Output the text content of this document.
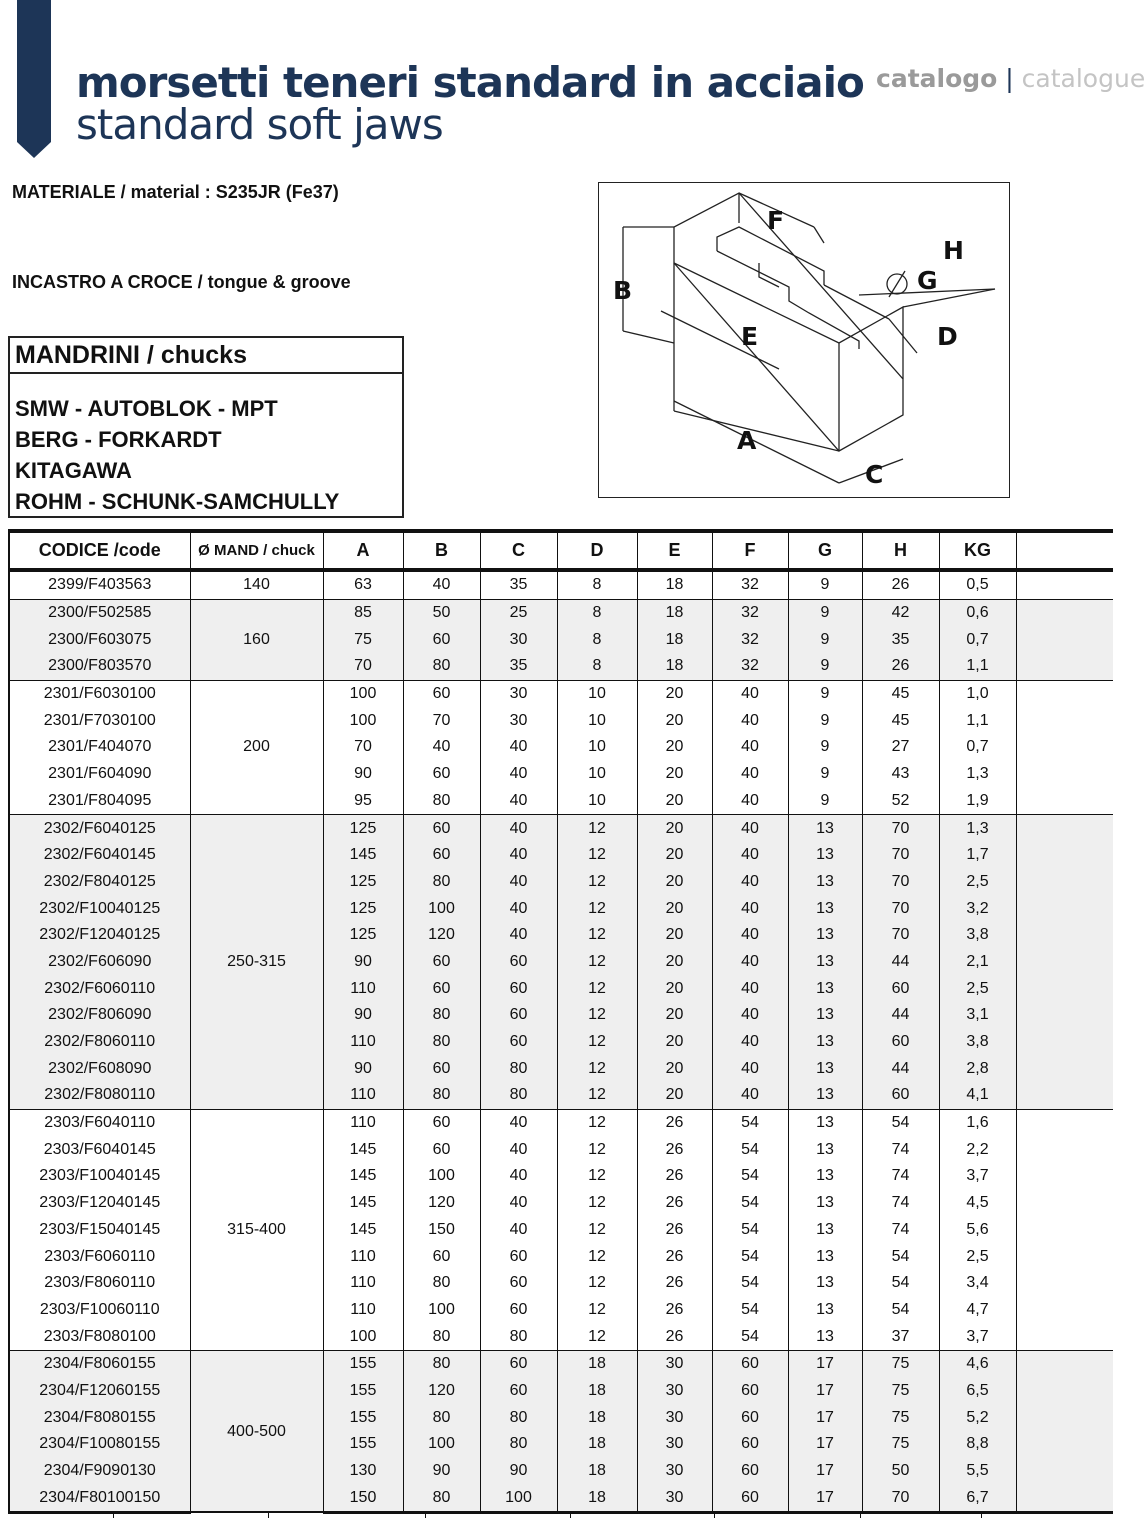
morsetti teneri standard in acciaio
standard soft jaws
catalogo | catalogue
MATERIALE / material : S235JR (Fe37)
INCASTRO A CROCE / tongue & groove
MANDRINI / chucks
SMW - AUTOBLOK - MPT
BERG - FORKARDT
KITAGAWA
ROHM - SCHUNK-SAMCHULLY
B
F
E
A
C
D
H
G
CODICE /code	Ø MAND / chuck	A	B	C	D	E	F	G	H	KG	
2399/F403563	140	63	40	35	8	18	32	9	26	0,5	
2300/F502585	160	85	50	25	8	18	32	9	42	0,6	
2300/F603075		75	60	30	8	18	32	9	35	0,7	
2300/F803570		70	80	35	8	18	32	9	26	1,1	
2301/F6030100	200	100	60	30	10	20	40	9	45	1,0	
2301/F7030100		100	70	30	10	20	40	9	45	1,1	
2301/F404070		70	40	40	10	20	40	9	27	0,7	
2301/F604090		90	60	40	10	20	40	9	43	1,3	
2301/F804095		95	80	40	10	20	40	9	52	1,9	
2302/F6040125	250-315	125	60	40	12	20	40	13	70	1,3	
2302/F6040145		145	60	40	12	20	40	13	70	1,7	
2302/F8040125		125	80	40	12	20	40	13	70	2,5	
2302/F10040125		125	100	40	12	20	40	13	70	3,2	
2302/F12040125		125	120	40	12	20	40	13	70	3,8	
2302/F606090		90	60	60	12	20	40	13	44	2,1	
2302/F6060110		110	60	60	12	20	40	13	60	2,5	
2302/F806090		90	80	60	12	20	40	13	44	3,1	
2302/F8060110		110	80	60	12	20	40	13	60	3,8	
2302/F608090		90	60	80	12	20	40	13	44	2,8	
2302/F8080110		110	80	80	12	20	40	13	60	4,1	
2303/F6040110	315-400	110	60	40	12	26	54	13	54	1,6	
2303/F6040145		145	60	40	12	26	54	13	74	2,2	
2303/F10040145		145	100	40	12	26	54	13	74	3,7	
2303/F12040145		145	120	40	12	26	54	13	74	4,5	
2303/F15040145		145	150	40	12	26	54	13	74	5,6	
2303/F6060110		110	60	60	12	26	54	13	54	2,5	
2303/F8060110		110	80	60	12	26	54	13	54	3,4	
2303/F10060110		110	100	60	12	26	54	13	54	4,7	
2303/F8080100		100	80	80	12	26	54	13	37	3,7	
2304/F8060155	400-500	155	80	60	18	30	60	17	75	4,6	
2304/F12060155		155	120	60	18	30	60	17	75	6,5	
2304/F8080155		155	80	80	18	30	60	17	75	5,2	
2304/F10080155		155	100	80	18	30	60	17	75	8,8	
2304/F9090130		130	90	90	18	30	60	17	50	5,5	
2304/F80100150		150	80	100	18	30	60	17	70	6,7	
